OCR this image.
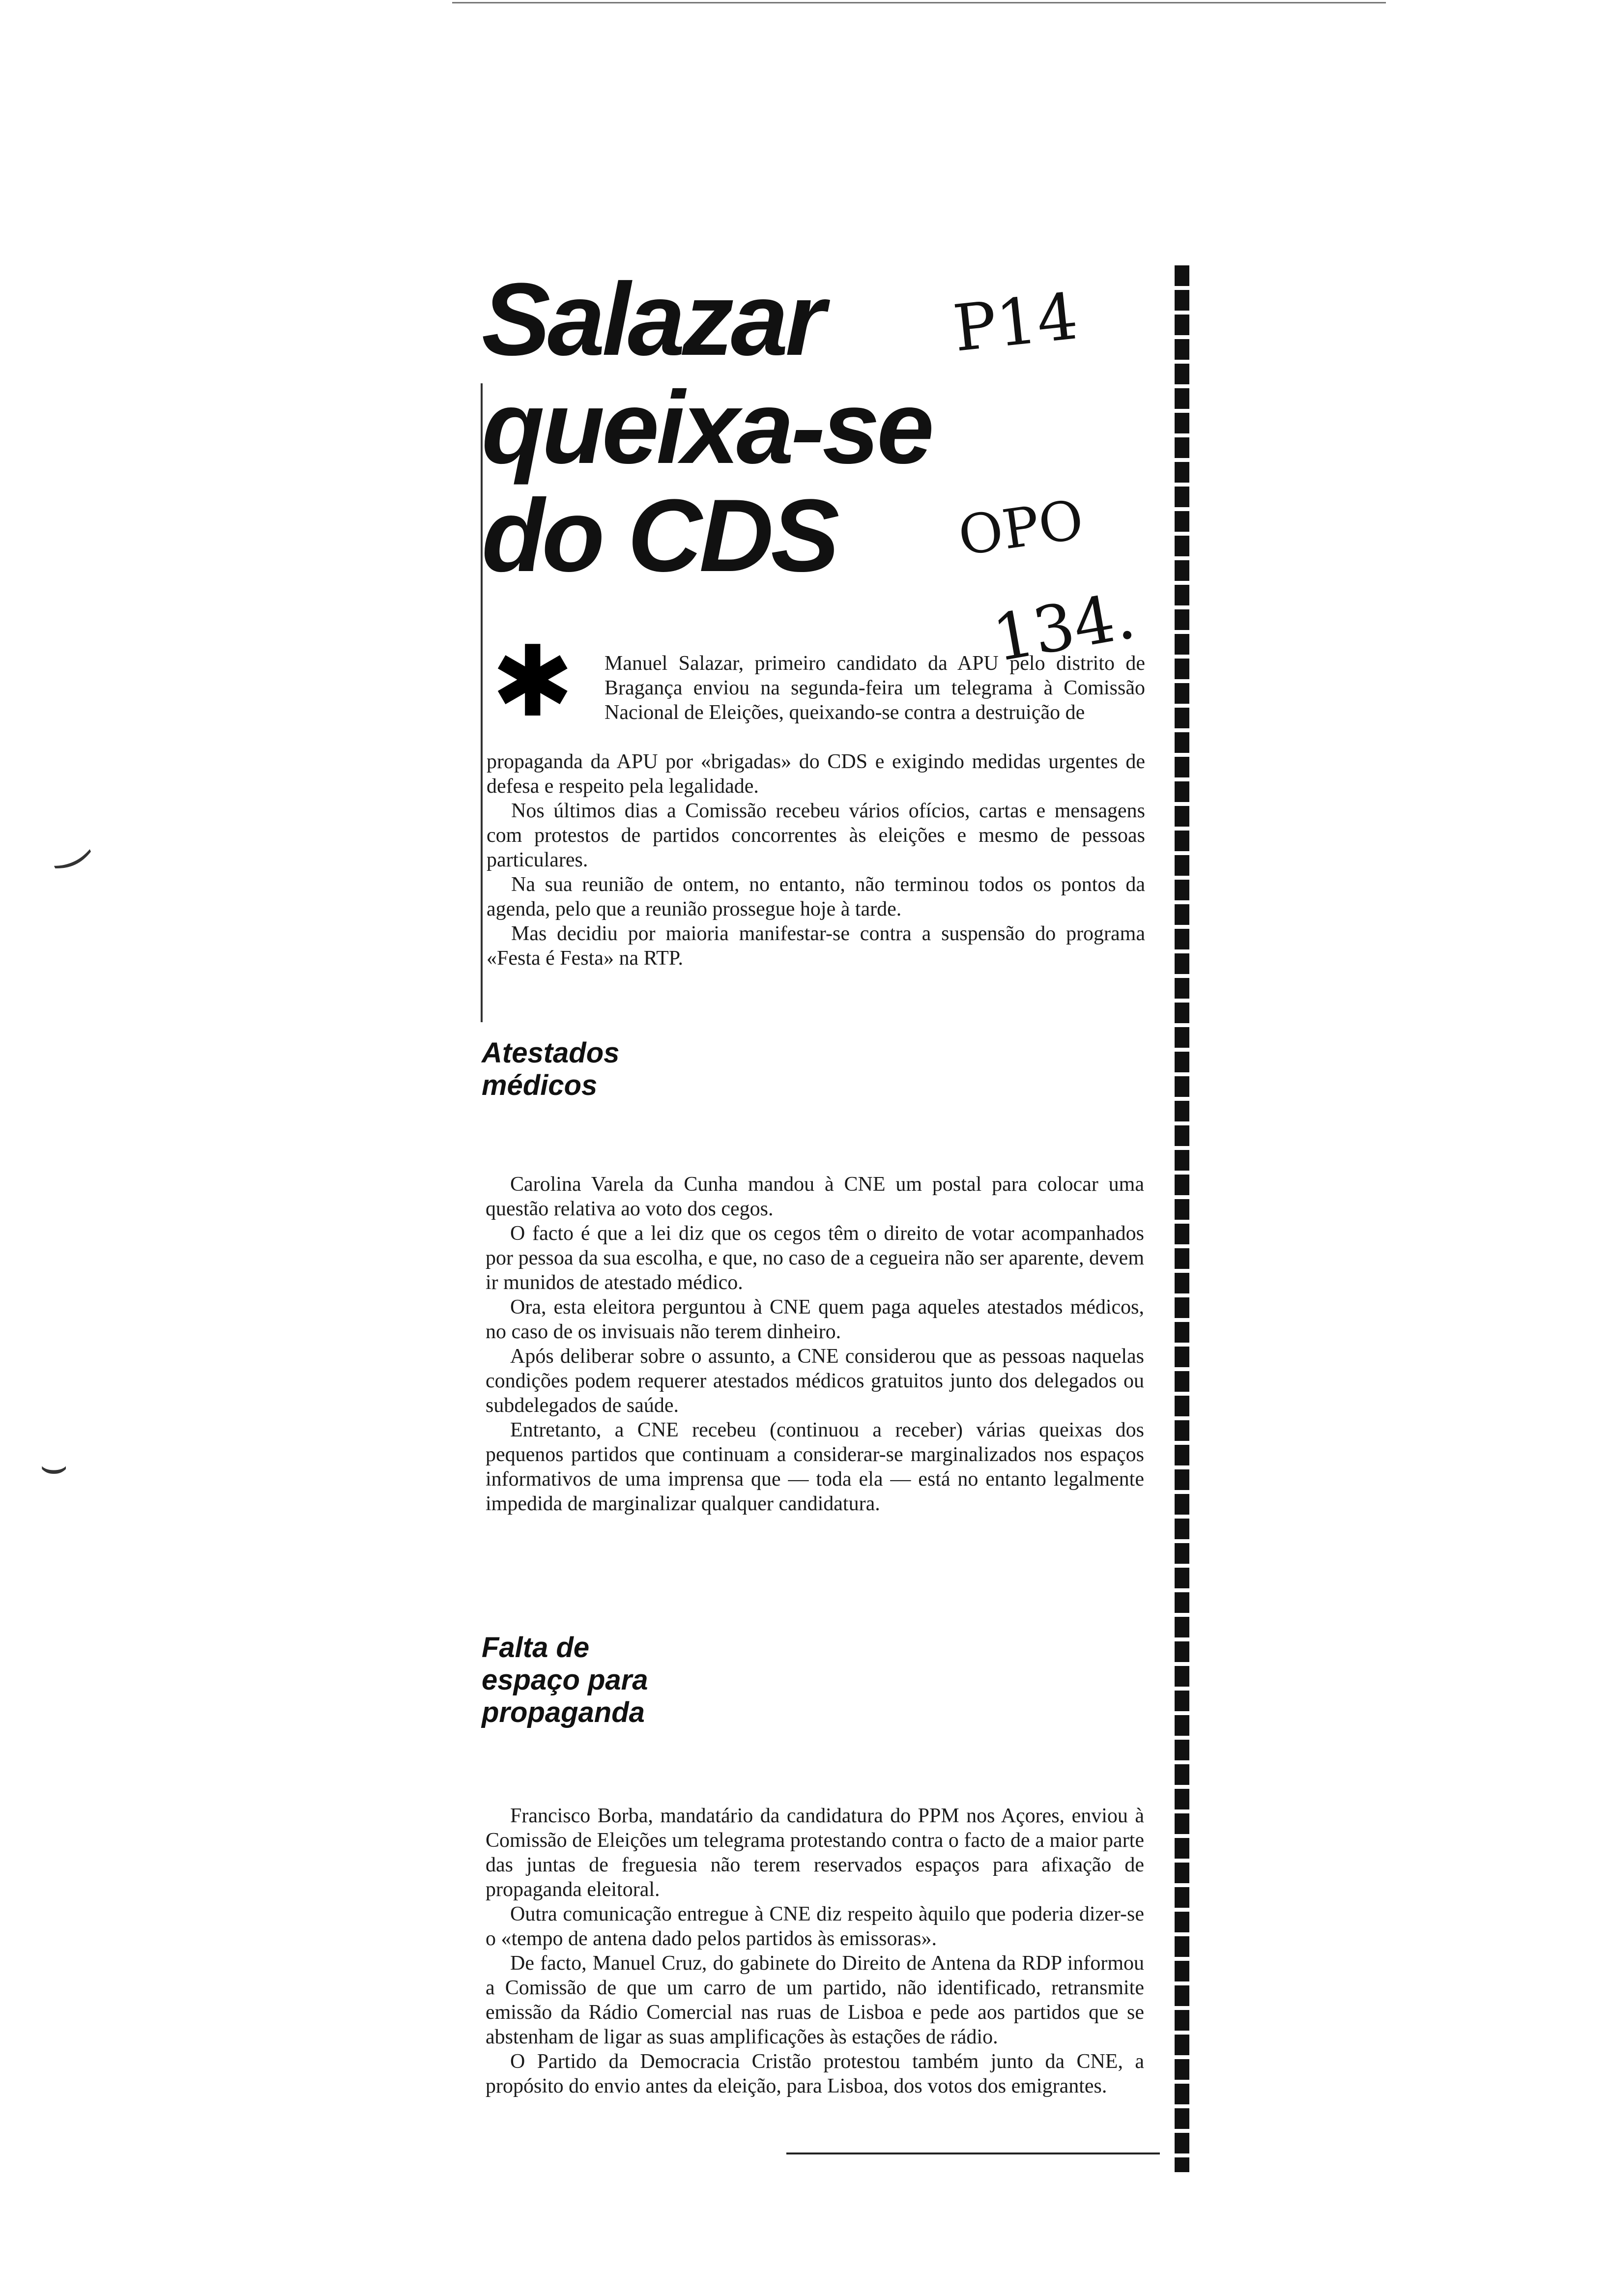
‿
⌣
Salazar
queixa-se
do CDS
P14
OPO
134.
✱ Manuel Salazar, primeiro candidato da APU pelo distrito de Bragança enviou na segunda-feira um telegrama à Comissão Nacional de Eleições, queixando-se contra a destruição de

propaganda da APU por «brigadas» do CDS e exigindo medidas urgentes de defesa e respeito pela legalidade.

Nos últimos dias a Comissão recebeu vários ofícios, cartas e mensagens com protestos de partidos concorrentes às eleições e mesmo de pessoas particulares.

Na sua reunião de ontem, no entanto, não terminou todos os pontos da agenda, pelo que a reunião prossegue hoje à tarde.

Mas decidiu por maioria manifestar-se contra a suspensão do programa «Festa é Festa» na RTP.

Atestados
médicos

Carolina Varela da Cunha mandou à CNE um postal para colocar uma questão relativa ao voto dos cegos.

O facto é que a lei diz que os cegos têm o direito de votar acompanhados por pessoa da sua escolha, e que, no caso de a cegueira não ser aparente, devem ir munidos de atestado médico.

Ora, esta eleitora perguntou à CNE quem paga aqueles atestados médicos, no caso de os invisuais não terem dinheiro.

Após deliberar sobre o assunto, a CNE considerou que as pessoas naquelas condições podem requerer atestados médicos gratuitos junto dos delegados ou subdelegados de saúde.

Entretanto, a CNE recebeu (continuou a receber) várias queixas dos pequenos partidos que continuam a considerar-se marginalizados nos espaços informativos de uma imprensa que — toda ela — está no entanto legalmente impedida de marginalizar qualquer candidatura.

Falta de
espaço para
propaganda

Francisco Borba, mandatário da candidatura do PPM nos Açores, enviou à Comissão de Eleições um telegrama protestando contra o facto de a maior parte das juntas de freguesia não terem reservados espaços para afixação de propaganda eleitoral.

Outra comunicação entregue à CNE diz respeito àquilo que poderia dizer-se o «tempo de antena dado pelos partidos às emissoras».

De facto, Manuel Cruz, do gabinete do Direito de Antena da RDP informou a Comissão de que um carro de um partido, não identificado, retransmite emissão da Rádio Comercial nas ruas de Lisboa e pede aos partidos que se abstenham de ligar as suas amplificações às estações de rádio.

O Partido da Democracia Cristão protestou também junto da CNE, a propósito do envio antes da eleição, para Lisboa, dos votos dos emigrantes.
